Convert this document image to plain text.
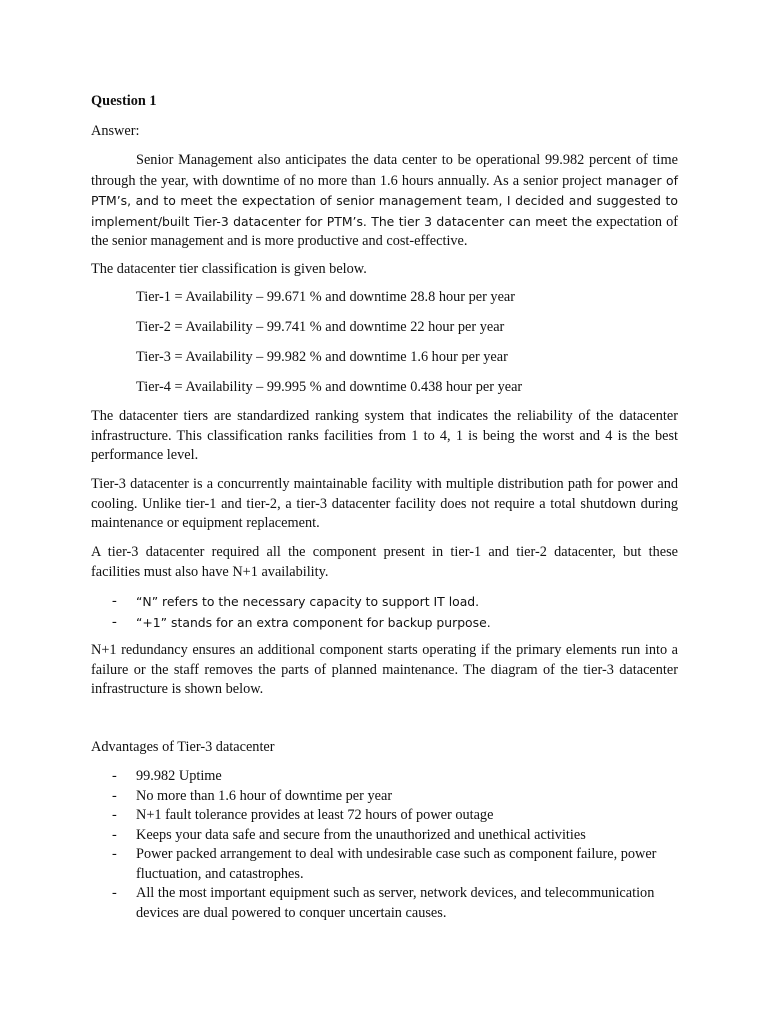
Question 1

Answer:

Senior Management also anticipates the data center to be operational 99.982 percent of time through the year, with downtime of no more than 1.6 hours annually. As a senior project manager of PTM’s, and to meet the expectation of senior management team, I decided and suggested to implement/built Tier-3 datacenter for PTM’s. The tier 3 datacenter can meet the expectation of the senior management and is more productive and cost-effective.

The datacenter tier classification is given below.

Tier-1 = Availability – 99.671 % and downtime 28.8 hour per year

Tier-2 = Availability – 99.741 % and downtime 22 hour per year

Tier-3 = Availability – 99.982 % and downtime 1.6 hour per year

Tier-4 = Availability – 99.995 % and downtime 0.438 hour per year

The datacenter tiers are standardized ranking system that indicates the reliability of the datacenter infrastructure. This classification ranks facilities from 1 to 4, 1 is being the worst and 4 is the best performance level.

Tier-3 datacenter is a concurrently maintainable facility with multiple distribution path for power and cooling. Unlike tier-1 and tier-2, a tier-3 datacenter facility does not require a total shutdown during maintenance or equipment replacement.

A tier-3 datacenter required all the component present in tier-1 and tier-2 datacenter, but these facilities must also have N+1 availability.

- “N” refers to the necessary capacity to support IT load.
- “+1” stands for an extra component for backup purpose.

N+1 redundancy ensures an additional component starts operating if the primary elements run into a failure or the staff removes the parts of planned maintenance. The diagram of the tier-3 datacenter infrastructure is shown below.

Advantages of Tier-3 datacenter

- 99.982 Uptime
- No more than 1.6 hour of downtime per year
- N+1 fault tolerance provides at least 72 hours of power outage
- Keeps your data safe and secure from the unauthorized and unethical activities
- Power packed arrangement to deal with undesirable case such as component failure, power fluctuation, and catastrophes.
- All the most important equipment such as server, network devices, and telecommunication devices are dual powered to conquer uncertain causes.
